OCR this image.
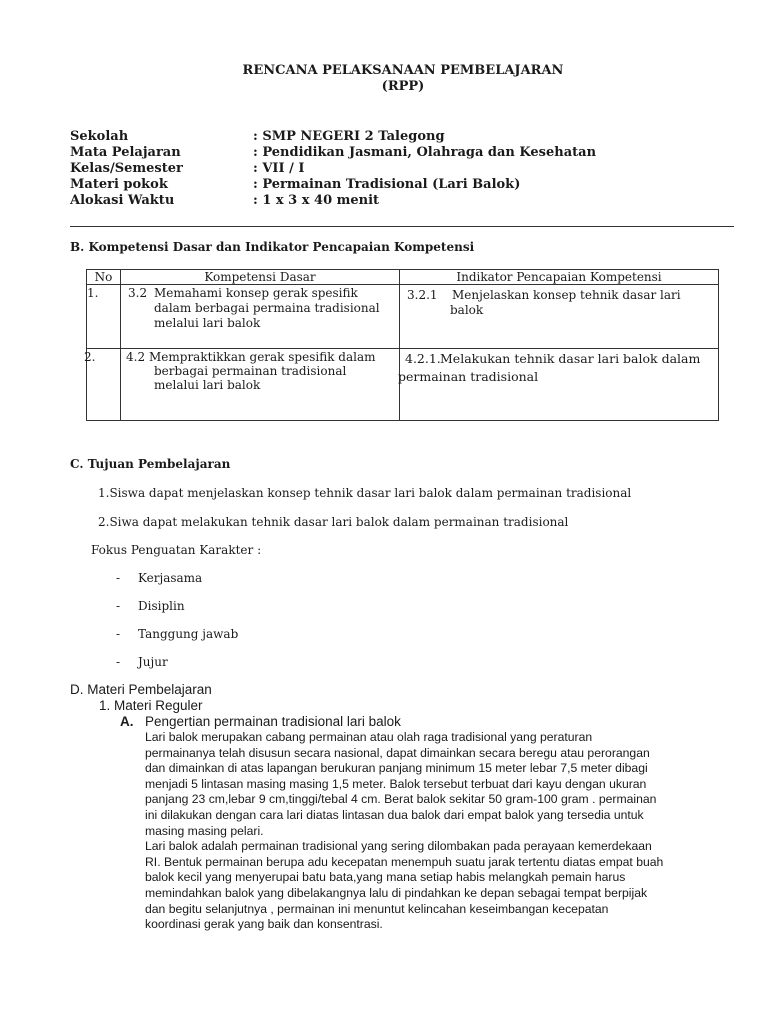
RENCANA PELAKSANAAN PEMBELAJARAN
(RPP)
Sekolah	: SMP NEGERI 2 Talegong
Mata Pelajaran	: Pendidikan Jasmani, Olahraga dan Kesehatan
Kelas/Semester	: VII / I
Materi pokok	: Permainan Tradisional (Lari Balok)
Alokasi Waktu	: 1 x 3 x 40 menit
B. Kompetensi Dasar dan Indikator Pencapaian Kompetensi
No	Kompetensi Dasar	Indikator Pencapaian Kompetensi

1.	3.2 Memahami konsep gerak spesifik
dalam berbagai permaina tradisional
melalui lari balok	3.2.1 Menjelaskan konsep tehnik dasar lari
balok

2.	4.2 Mempraktikkan gerak spesifik dalam
berbagai permainan tradisional
melalui lari balok	4.2.1. Melakukan tehnik dasar lari balok dalam
permainan tradisional
C. Tujuan Pembelajaran
1.Siswa dapat menjelaskan konsep tehnik dasar lari balok dalam permainan tradisional
2.Siwa dapat melakukan tehnik dasar lari balok dalam permainan tradisional
Fokus Penguatan Karakter :
- Kerjasama
- Disiplin
- Tanggung jawab
- Jujur
D. Materi Pembelajaran
1. Materi Reguler
A. Pengertian permainan tradisional lari balok
Lari balok merupakan cabang permainan atau olah raga tradisional yang peraturan
permainanya telah disusun secara nasional, dapat dimainkan secara beregu atau perorangan
dan dimainkan di atas lapangan berukuran panjang minimum 15 meter lebar 7,5 meter dibagi
menjadi 5 lintasan masing masing 1,5 meter. Balok tersebut terbuat dari kayu dengan ukuran
panjang 23 cm,lebar 9 cm,tinggi/tebal 4 cm. Berat balok sekitar 50 gram-100 gram . permainan
ini dilakukan dengan cara lari diatas lintasan dua balok dari empat balok yang tersedia untuk
masing masing pelari.
Lari balok adalah permainan tradisional yang sering dilombakan pada perayaan kemerdekaan
RI. Bentuk permainan berupa adu kecepatan menempuh suatu jarak tertentu diatas empat buah
balok kecil yang menyerupai batu bata,yang mana setiap habis melangkah pemain harus
memindahkan balok yang dibelakangnya lalu di pindahkan ke depan sebagai tempat berpijak
dan begitu selanjutnya , permainan ini menuntut kelincahan keseimbangan kecepatan
koordinasi gerak yang baik dan konsentrasi.
